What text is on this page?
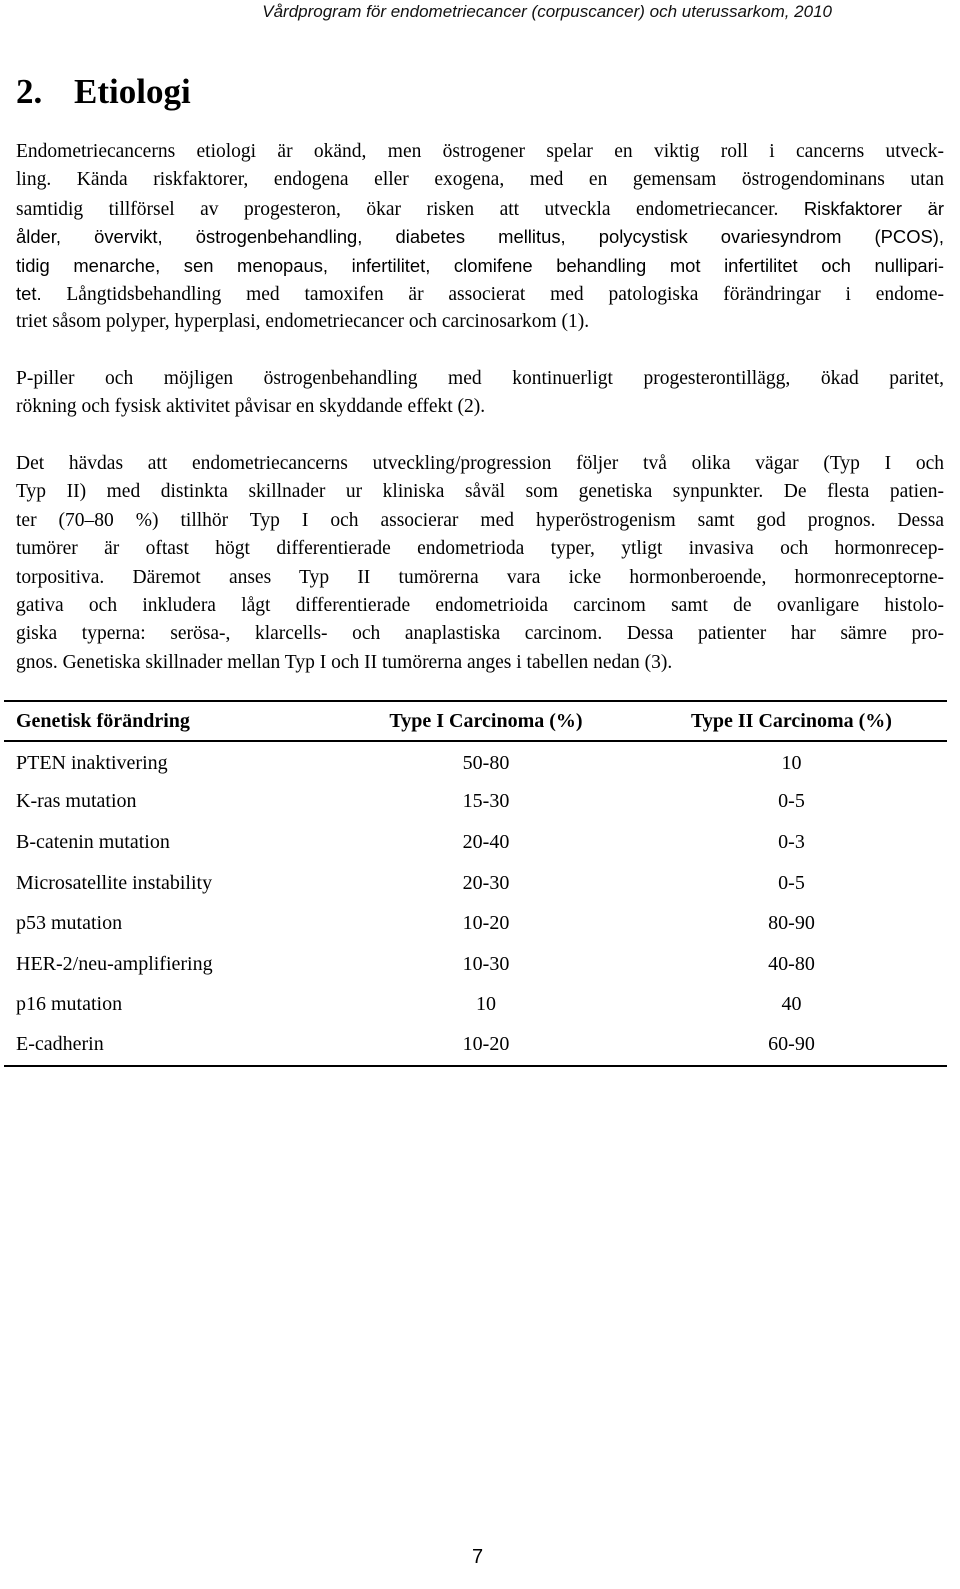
Vårdprogram för endometriecancer (corpuscancer) och uterussarkom, 2010
2. Etiologi
Endometriecancerns etiologi är okänd, men östrogener spelar en viktig roll i cancerns utveck-
ling. Kända riskfaktorer, endogena eller exogena, med en gemensam östrogendominans utan
samtidig tillförsel av progesteron, ökar risken att utveckla endometriecancer. Riskfaktorer är
ålder, övervikt, östrogenbehandling, diabetes mellitus, polycystisk ovariesyndrom (PCOS),
tidig menarche, sen menopaus, infertilitet, clomifene behandling mot infertilitet och nullipari-
tet. Långtidsbehandling med tamoxifen är associerat med patologiska förändringar i endome-
triet såsom polyper, hyperplasi, endometriecancer och carcinosarkom (1).
P-piller och möjligen östrogenbehandling med kontinuerligt progesterontillägg, ökad paritet,
rökning och fysisk aktivitet påvisar en skyddande effekt (2).
Det hävdas att endometriecancerns utveckling/progression följer två olika vägar (Typ I och
Typ II) med distinkta skillnader ur kliniska såväl som genetiska synpunkter. De flesta patien-
ter (70–80 %) tillhör Typ I och associerar med hyperöstrogenism samt god prognos. Dessa
tumörer är oftast högt differentierade endometrioda typer, ytligt invasiva och hormonrecep-
torpositiva. Däremot anses Typ II tumörerna vara icke hormonberoende, hormonreceptorne-
gativa och inkludera lågt differentierade endometrioida carcinom samt de ovanligare histolo-
giska typerna: serösa-, klarcells- och anaplastiska carcinom. Dessa patienter har sämre pro-
gnos. Genetiska skillnader mellan Typ I och II tumörerna anges i tabellen nedan (3).
Genetisk förändring	Type I Carcinoma (%)	Type II Carcinoma (%)
PTEN inaktivering	50-80	10
K-ras mutation	15-30	0-5
B-catenin mutation	20-40	0-3
Microsatellite instability	20-30	0-5
p53 mutation	10-20	80-90
HER-2/neu-amplifiering	10-30	40-80
p16 mutation	10	40
E-cadherin	10-20	60-90
7
